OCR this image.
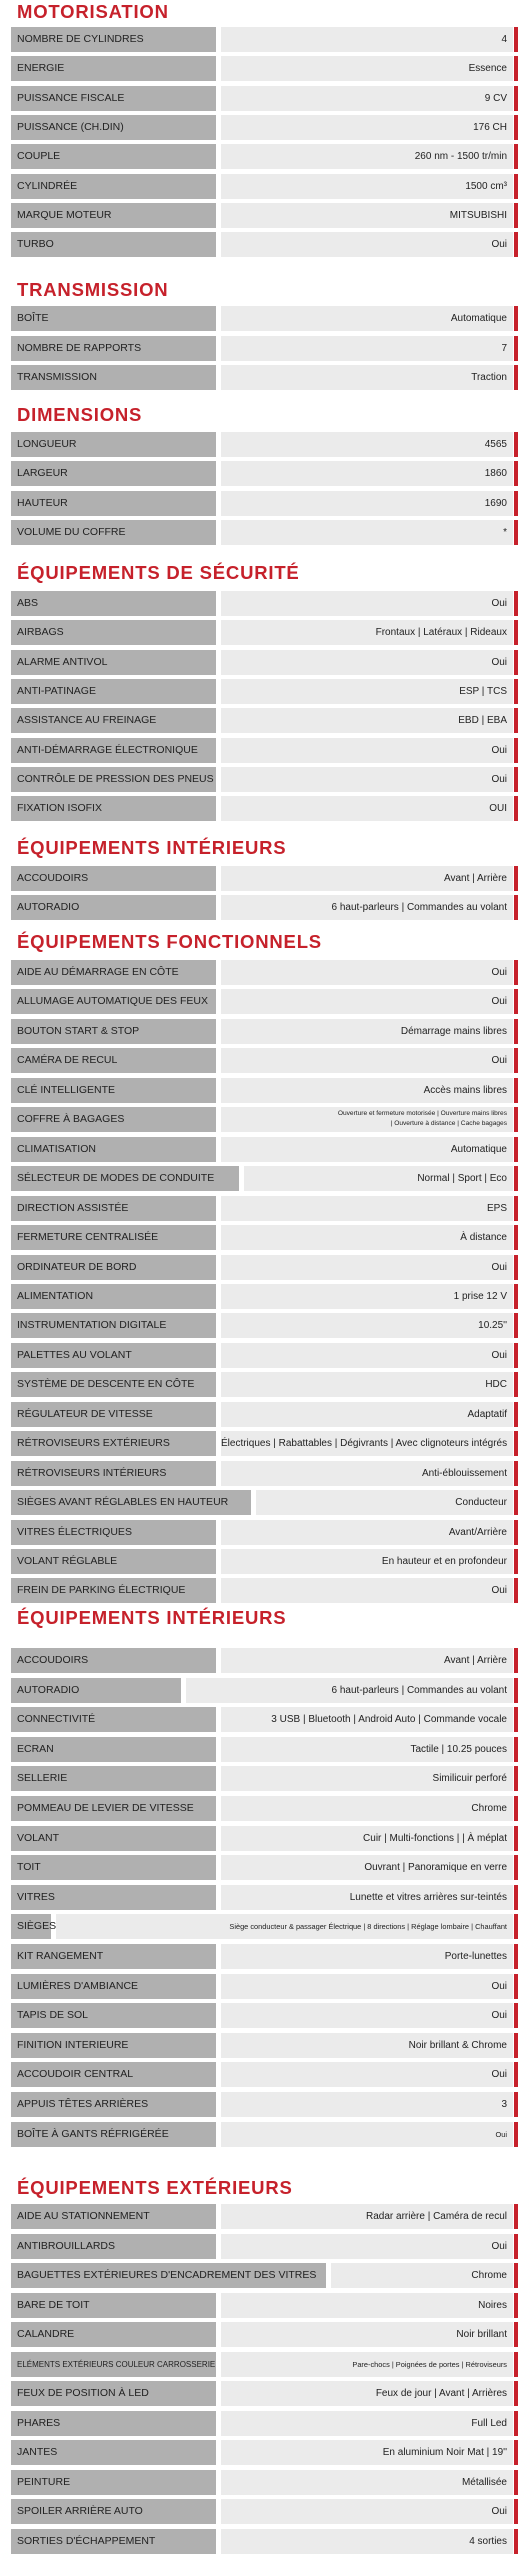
MOTORISATION
NOMBRE DE CYLINDRES	4
ENERGIE	Essence
PUISSANCE FISCALE	9 CV
PUISSANCE (CH.DIN)	176 CH
COUPLE	260 nm - 1500 tr/min
CYLINDRÉE	1500 cm³
MARQUE MOTEUR	MITSUBISHI
TURBO	Oui
TRANSMISSION
BOÎTE	Automatique
NOMBRE DE RAPPORTS	7
TRANSMISSION	Traction
DIMENSIONS
LONGUEUR	4565
LARGEUR	1860
HAUTEUR	1690
VOLUME DU COFFRE	*
ÉQUIPEMENTS DE SÉCURITÉ
ABS	Oui
AIRBAGS	Frontaux | Latéraux | Rideaux
ALARME ANTIVOL	Oui
ANTI-PATINAGE	ESP | TCS
ASSISTANCE AU FREINAGE	EBD | EBA
ANTI-DÉMARRAGE ÉLECTRONIQUE	Oui
CONTRÔLE DE PRESSION DES PNEUS	Oui
FIXATION ISOFIX	OUI
ÉQUIPEMENTS INTÉRIEURS
ACCOUDOIRS	Avant | Arrière
AUTORADIO	6 haut-parleurs | Commandes au volant
ÉQUIPEMENTS FONCTIONNELS
AIDE AU DÉMARRAGE EN CÔTE	Oui
ALLUMAGE AUTOMATIQUE DES FEUX	Oui
BOUTON START & STOP	Démarrage mains libres
CAMÉRA DE RECUL	Oui
CLÉ INTELLIGENTE	Accès mains libres
COFFRE À BAGAGES	Ouverture et fermeture motorisée | Ouverture mains libres
| Ouverture à distance | Cache bagages
CLIMATISATION	Automatique
SÉLECTEUR DE MODES DE CONDUITE	Normal | Sport | Eco
DIRECTION ASSISTÉE	EPS
FERMETURE CENTRALISÉE	À distance
ORDINATEUR DE BORD	Oui
ALIMENTATION	1 prise 12 V
INSTRUMENTATION DIGITALE	10.25''
PALETTES AU VOLANT	Oui
SYSTÈME DE DESCENTE EN CÔTE	HDC
RÉGULATEUR DE VITESSE	Adaptatif
RÉTROVISEURS EXTÉRIEURS	Électriques | Rabattables | Dégivrants | Avec clignoteurs intégrés
RÉTROVISEURS INTÉRIEURS	Anti-éblouissement
SIÈGES AVANT RÉGLABLES EN HAUTEUR	Conducteur
VITRES ÉLECTRIQUES	Avant/Arrière
VOLANT RÉGLABLE	En hauteur et en profondeur
FREIN DE PARKING ÉLECTRIQUE	Oui
ÉQUIPEMENTS INTÉRIEURS
ACCOUDOIRS	Avant | Arrière
AUTORADIO	6 haut-parleurs | Commandes au volant
CONNECTIVITÉ	3 USB | Bluetooth | Android Auto | Commande vocale
ECRAN	Tactile | 10.25 pouces
SELLERIE	Similicuir perforé
POMMEAU DE LEVIER DE VITESSE	Chrome
VOLANT	Cuir | Multi-fonctions | | À méplat
TOIT	Ouvrant | Panoramique en verre
VITRES	Lunette et vitres arrières sur-teintés
SIÈGES	Siège conducteur & passager Électrique | 8 directions | Réglage lombaire | Chauffant
KIT RANGEMENT	Porte-lunettes
LUMIÈRES D'AMBIANCE	Oui
TAPIS DE SOL	Oui
FINITION INTERIEURE	Noir brillant & Chrome
ACCOUDOIR CENTRAL	Oui
APPUIS TÊTES ARRIÈRES	3
BOÎTE À GANTS RÉFRIGÉRÉE	Oui
ÉQUIPEMENTS EXTÉRIEURS
AIDE AU STATIONNEMENT	Radar arrière | Caméra de recul
ANTIBROUILLARDS	Oui
BAGUETTES EXTÉRIEURES D'ENCADREMENT DES VITRES	Chrome
BARE DE TOIT	Noires
CALANDRE	Noir brillant
ELÉMENTS EXTÉRIEURS COULEUR CARROSSERIE	Pare-chocs | Poignées de portes | Rétroviseurs
FEUX DE POSITION À LED	Feux de jour | Avant | Arrières
PHARES	Full Led
JANTES	En aluminium Noir Mat | 19''
PEINTURE	Métallisée
SPOILER ARRIÈRE AUTO	Oui
SORTIES D'ÉCHAPPEMENT	4 sorties
